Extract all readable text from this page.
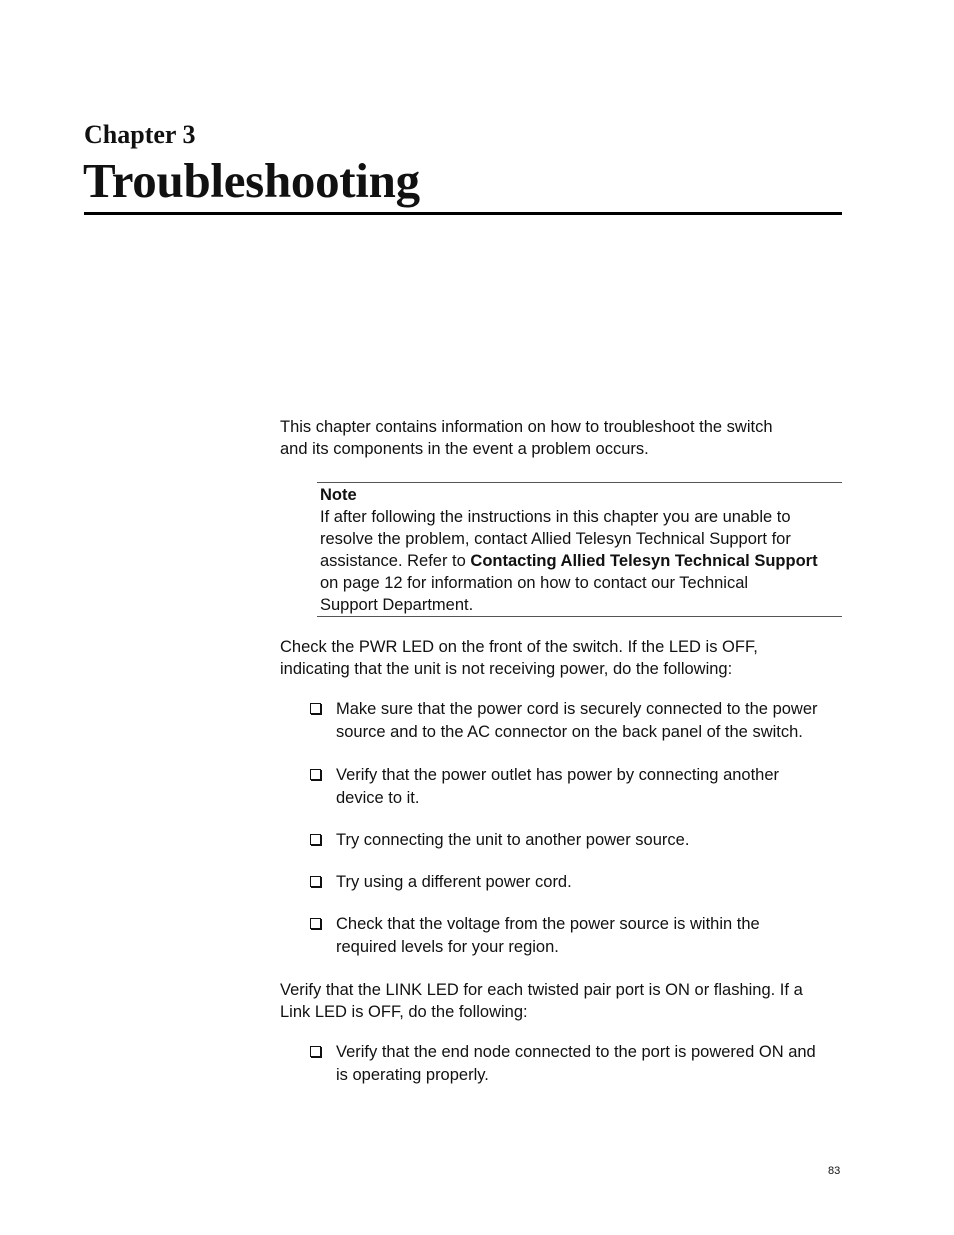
Chapter 3
Troubleshooting
This chapter contains information on how to troubleshoot the switch
and its components in the event a problem occurs.
Note
If after following the instructions in this chapter you are unable to
resolve the problem, contact Allied Telesyn Technical Support for
assistance. Refer to Contacting Allied Telesyn Technical Support
on page 12 for information on how to contact our Technical
Support Department.
Check the PWR LED on the front of the switch. If the LED is OFF,
indicating that the unit is not receiving power, do the following:
Make sure that the power cord is securely connected to the power
source and to the AC connector on the back panel of the switch.
Verify that the power outlet has power by connecting another
device to it.
Try connecting the unit to another power source.
Try using a different power cord.
Check that the voltage from the power source is within the
required levels for your region.
Verify that the LINK LED for each twisted pair port is ON or flashing. If a
Link LED is OFF, do the following:
Verify that the end node connected to the port is powered ON and
is operating properly.
83
